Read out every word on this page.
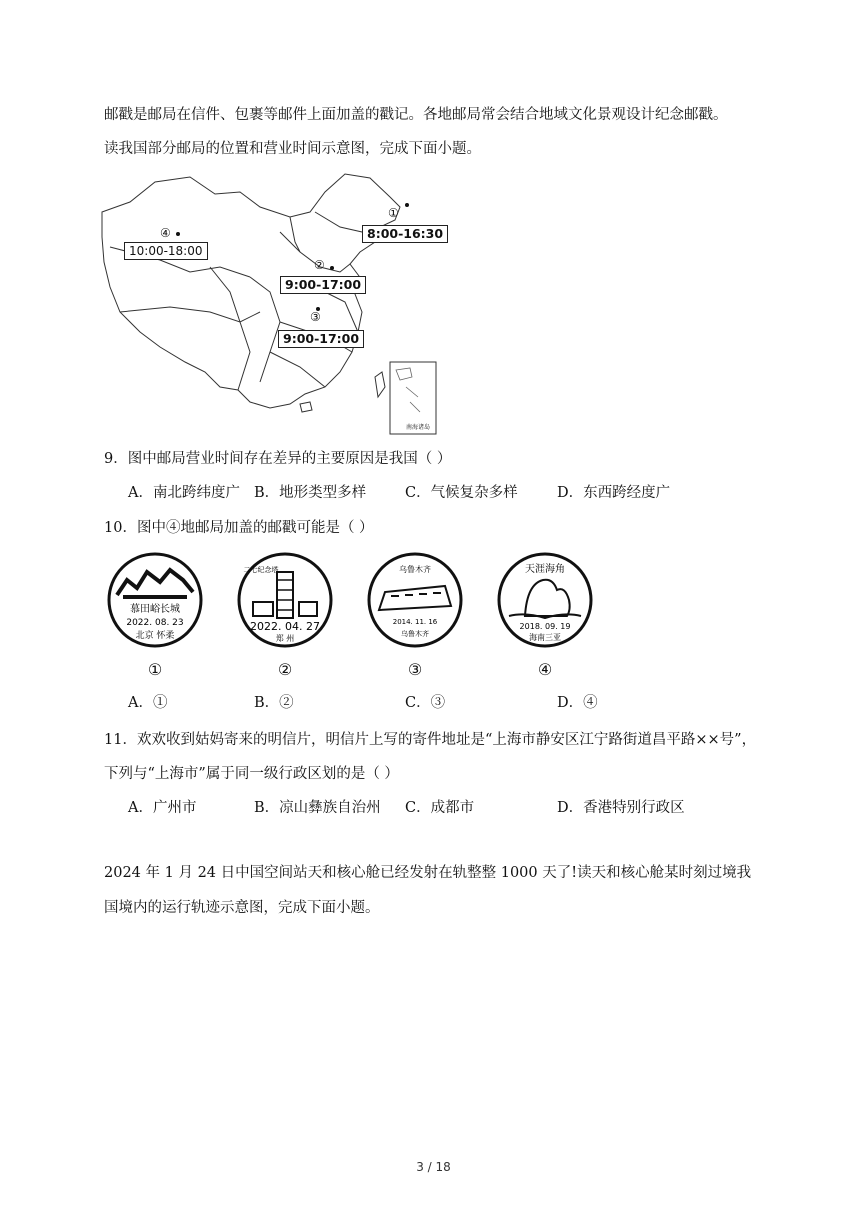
邮戳是邮局在信件、包裹等邮件上面加盖的戳记。各地邮局常会结合地域文化景观设计纪念邮戳。
读我国部分邮局的位置和营业时间示意图，完成下面小题。
①
8:00-16:30
②
9:00-17:00
③
9:00-17:00
④
10:00-18:00
南海诸岛
9．图中邮局营业时间存在差异的主要原因是我国（ ）
A．南北跨纬度广 B．地形类型多样	C．气候复杂多样	D．东西跨经度广
10．图中④地邮局加盖的邮戳可能是（ ）
慕田峪长城
2022. 08. 23
北京 怀柔
①
二七纪念塔
2022. 04. 27
郑 州
②
乌鲁木齐
2014. 11. 16
乌鲁木齐
③
天涯海角
2018. 09. 19
海南三亚
④
A．①	B．②	C．③	D．④
11．欢欢收到姑妈寄来的明信片，明信片上写的寄件地址是“上海市静安区江宁路街道昌平路××号”，
下列与“上海市”属于同一级行政区划的是（ ）
A．广州市	B．凉山彝族自治州 C．成都市	D．香港特别行政区
2024 年 1 月 24 日中国空间站天和核心舱已经发射在轨整整 1000 天了!读天和核心舱某时刻过境我
国境内的运行轨迹示意图，完成下面小题。
3 / 18
